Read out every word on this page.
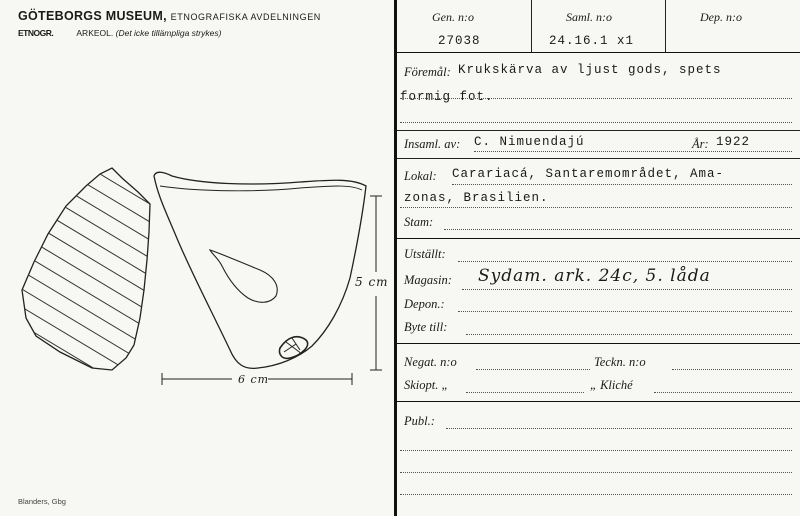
GÖTEBORGS MUSEUM, ETNOGRAFISKA AVDELNINGEN
ETNOGR.	ARKEOL. (Det icke tillämpliga strykes)
5 cm
6 cm
Blanders, Gbg
Gen. n:o
27038
Saml. n:o
24.16.1 x1
Dep. n:o
Föremål: Krukskärva av ljust gods, spets
formig fot.
Insaml. av: C. Nimuendajú	År: 1922
Lokal: Carariacá, Santaremområdet, Ama-
zonas, Brasilien.
Stam:
Utställt:
Magasin: Sydam. ark. 24c, 5. låda
Depon.:
Byte till:
Negat. n:o	Teckn. n:o
Skiopt. „	„ Kliché
Publ.:
